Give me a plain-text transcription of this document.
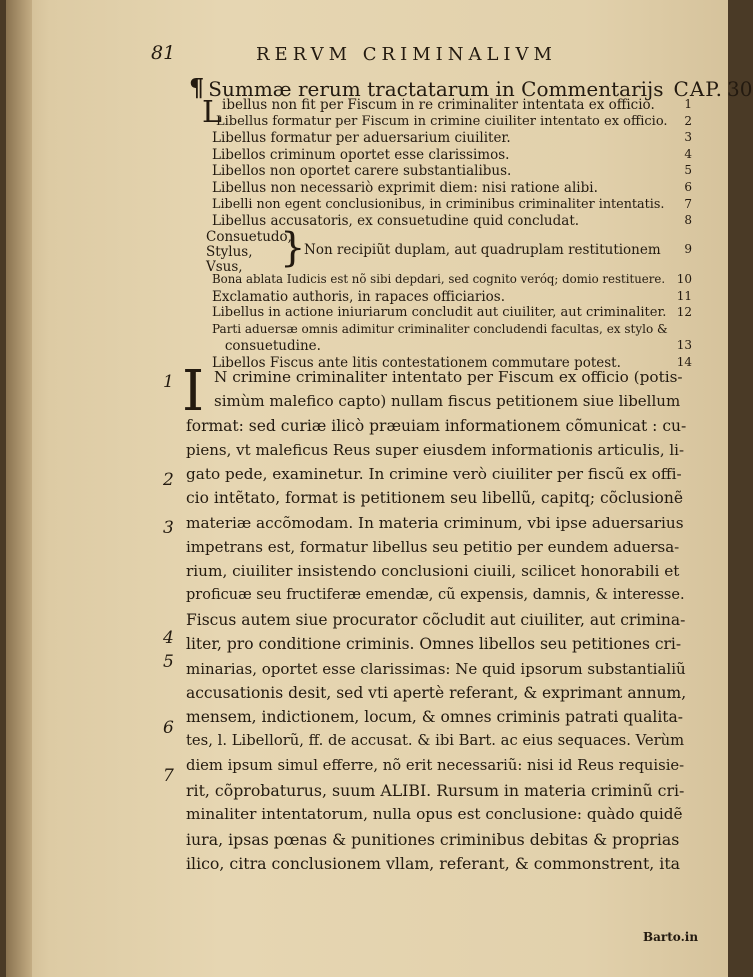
81	RERVM CRIMINALIVM
¶ Summæ rerum tractatarum in Commentarijs CAP. 30
L ibellus non fit per Fiscum in re criminaliter intentata ex officio. 1
Libellus formatur per Fiscum in crimine ciuiliter intentato ex officio. 2
Libellus formatur per aduersarium ciuiliter.	3
Libellos criminum oportet esse clarissimos.	4
Libellos non oportet carere substantialibus.	5
Libellus non necessariò exprimit diem: nisi ratione alibi.	6
Libelli non egent conclusionibus, in criminibus criminaliter intentatis. 7
Libellus accusatoris, ex consuetudine quid concludat.	8
Consuetudo,
Stylus,
Vsus, }
Non recipiũt duplam, aut quadruplam restitutionem 9
Bona ablata Iudicis est nõ sibi depdari, sed cognito veróq; domio restituere. 10
Exclamatio authoris, in rapaces officiarios.	11
Libellus in actione iniuriarum concludit aut ciuiliter, aut criminaliter. 12
Parti aduersæ omnis adimitur criminaliter concludendi facultas, ex stylo &
consuetudine.	13
Libellos Fiscus ante litis contestationem commutare potest.	14
I
1
2
3
4
5
6
7
N crimine criminaliter intentato per Fiscum ex officio (potis-
simùm malefico capto) nullam fiscus petitionem siue libellum
format: sed curiæ ilicò præuiam informationem cõmunicat : cu-
piens, vt maleficus Reus super eiusdem informationis articulis, li-
gato pede, examinetur. In crimine verò ciuiliter per fiscũ ex offi-
cio intẽtato, format is petitionem seu libellũ, capitq; cõclusionẽ
materiæ accõmodam. In materia criminum, vbi ipse aduersarius
impetrans est, formatur libellus seu petitio per eundem aduersa-
rium, ciuiliter insistendo conclusioni ciuili, scilicet honorabili et
proficuæ seu fructiferæ emendæ, cũ expensis, damnis, & interesse.
Fiscus autem siue procurator cõcludit aut ciuiliter, aut crimina-
liter, pro conditione criminis. Omnes libellos seu petitiones cri-
minarias, oportet esse clarissimas: Ne quid ipsorum substantialiũ
accusationis desit, sed vti apertè referant, & exprimant annum,
mensem, indictionem, locum, & omnes criminis patrati qualita-
tes, l. Libellorũ, ff. de accusat. & ibi Bart. ac eius sequaces. Verùm
diem ipsum simul efferre, nõ erit necessariũ: nisi id Reus requisie-
rit, cõprobaturus, suum ALIBI. Rursum in materia criminũ cri-
minaliter intentatorum, nulla opus est conclusione: quàdo quidẽ
iura, ipsas pœnas & punitiones criminibus debitas & proprias
ilico, citra conclusionem vllam, referant, & commonstrent, ita
Barto.in
